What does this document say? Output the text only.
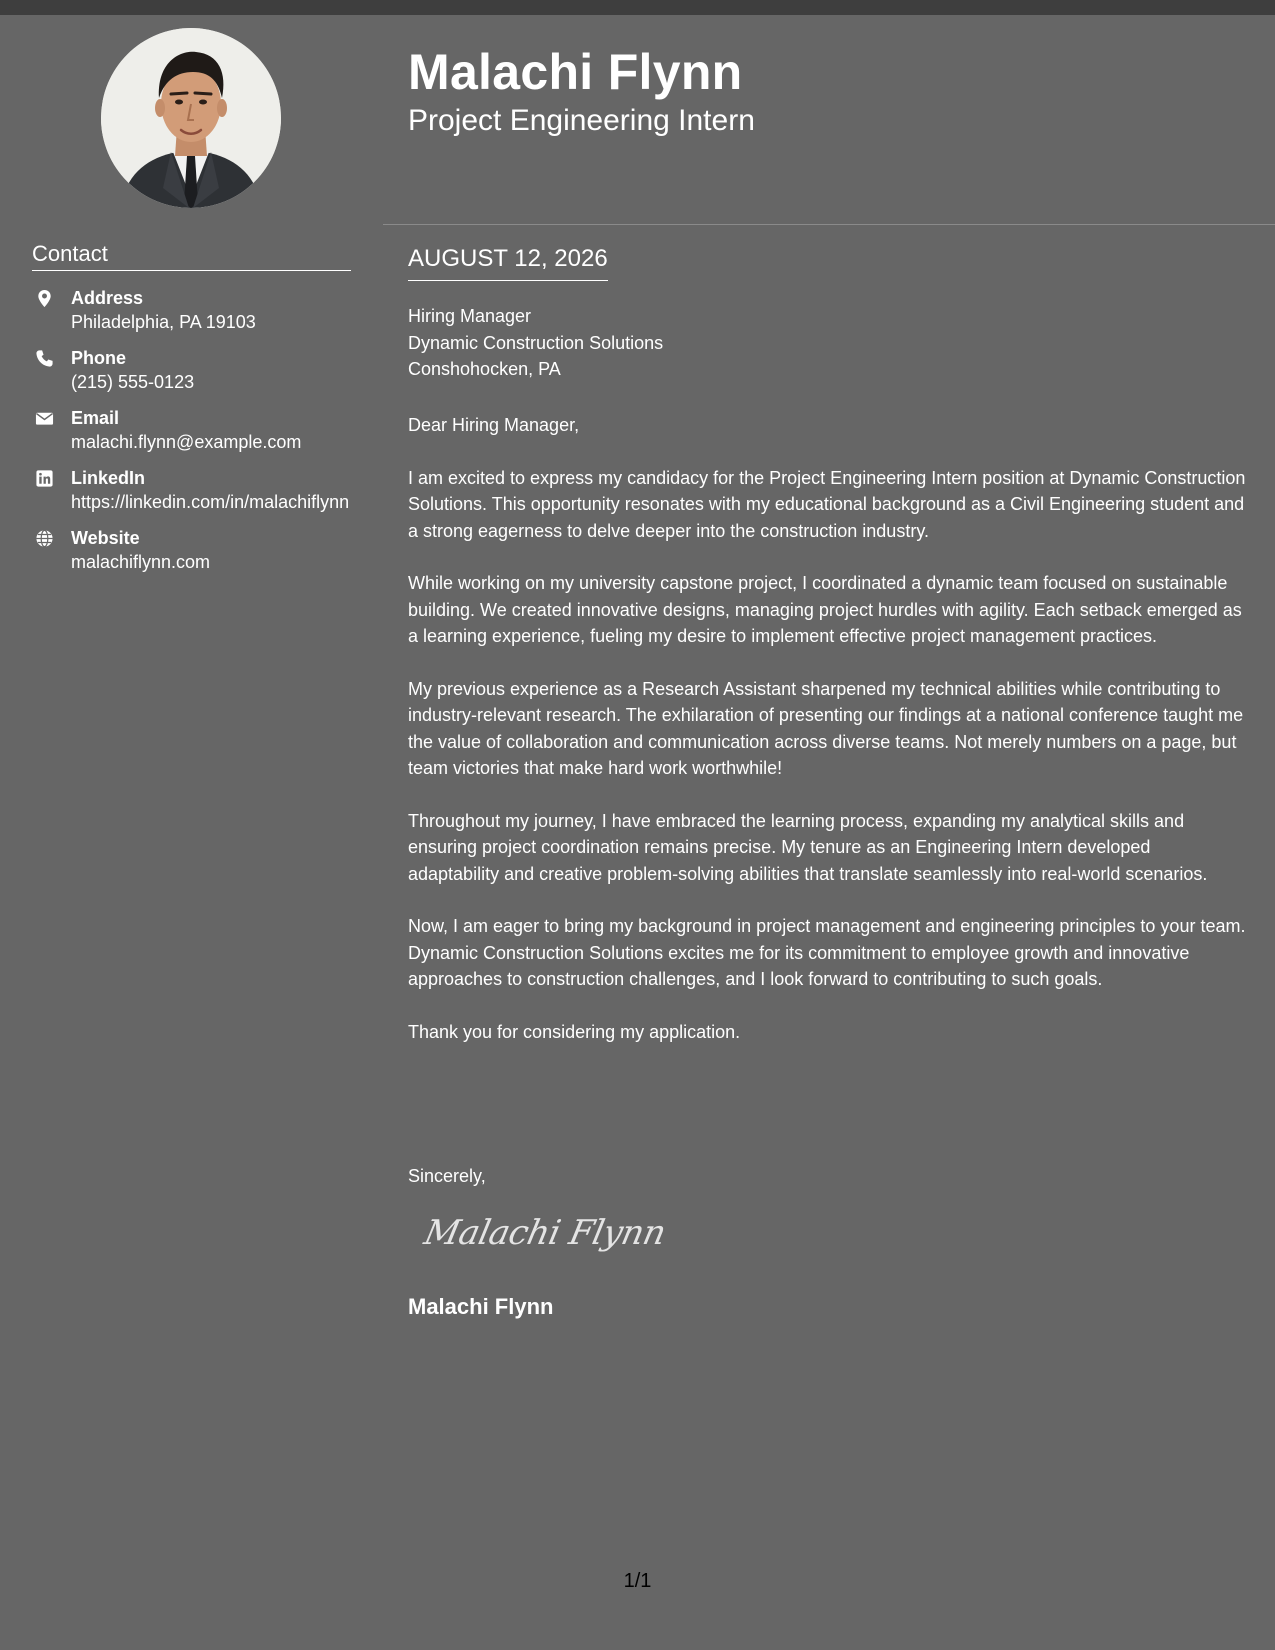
Contact
Address
Philadelphia, PA 19103
Phone
(215) 555-0123
Email
malachi.flynn@example.com
LinkedIn
https://linkedin.com/in/malachiflynn
Website
malachiflynn.com
Malachi Flynn
Project Engineering Intern
AUGUST 12, 2026
Hiring Manager
Dynamic Construction Solutions
Conshohocken, PA

Dear Hiring Manager,

I am excited to express my candidacy for the Project Engineering Intern position at Dynamic Construction Solutions. This opportunity resonates with my educational background as a Civil Engineering student and a strong eagerness to delve deeper into the construction industry.

While working on my university capstone project, I coordinated a dynamic team focused on sustainable building. We created innovative designs, managing project hurdles with agility. Each setback emerged as a learning experience, fueling my desire to implement effective project management practices.

My previous experience as a Research Assistant sharpened my technical abilities while contributing to industry-relevant research. The exhilaration of presenting our findings at a national conference taught me the value of collaboration and communication across diverse teams. Not merely numbers on a page, but team victories that make hard work worthwhile!

Throughout my journey, I have embraced the learning process, expanding my analytical skills and ensuring project coordination remains precise. My tenure as an Engineering Intern developed adaptability and creative problem-solving abilities that translate seamlessly into real-world scenarios.

Now, I am eager to bring my background in project management and engineering principles to your team. Dynamic Construction Solutions excites me for its commitment to employee growth and innovative approaches to construction challenges, and I look forward to contributing to such goals.

Thank you for considering my application.

Sincerely,
Malachi Flynn
Malachi Flynn
1/1
